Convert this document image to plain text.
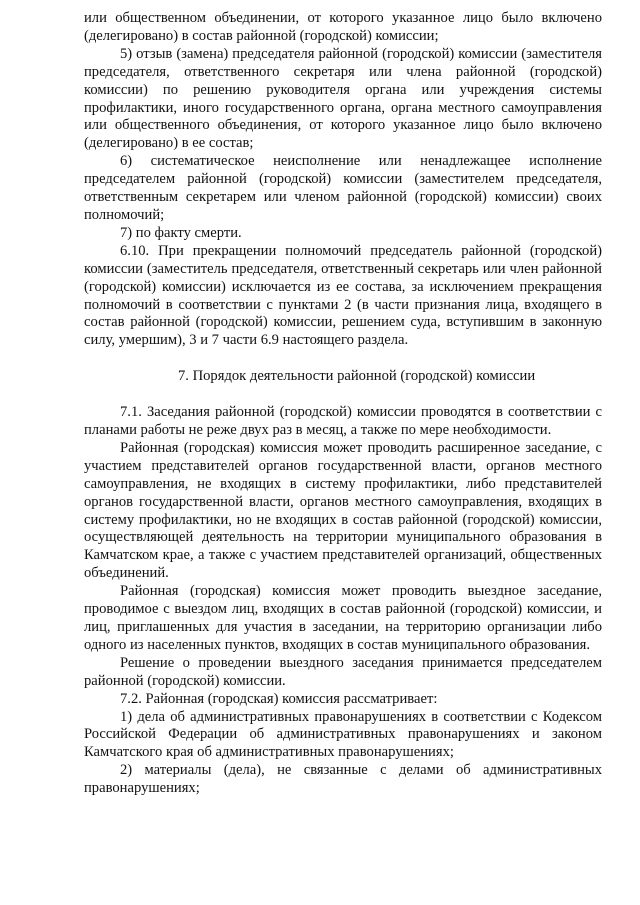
или общественном объединении, от которого указанное лицо было включено (делегировано) в состав районной (городской) комиссии;

5) отзыв (замена) председателя районной (городской) комиссии (заместителя председателя, ответственного секретаря или члена районной (городской) комиссии) по решению руководителя органа или учреждения системы профилактики, иного государственного органа, органа местного самоуправления или общественного объединения, от которого указанное лицо было включено (делегировано) в ее состав;

6) систематическое неисполнение или ненадлежащее исполнение председателем районной (городской) комиссии (заместителем председателя, ответственным секретарем или членом районной (городской) комиссии) своих полномочий;

7) по факту смерти.

6.10. При прекращении полномочий председатель районной (городской) комиссии (заместитель председателя, ответственный секретарь или член районной (городской) комиссии) исключается из ее состава, за исключением прекращения полномочий в соответствии с пунктами 2 (в части признания лица, входящего в состав районной (городской) комиссии, решением суда, вступившим в законную силу, умершим), 3 и 7 части 6.9 настоящего раздела.

7. Порядок деятельности районной (городской) комиссии

7.1. Заседания районной (городской) комиссии проводятся в соответствии с планами работы не реже двух раз в месяц, а также по мере необходимости.

Районная (городская) комиссия может проводить расширенное заседание, с участием представителей органов государственной власти, органов местного самоуправления, не входящих в систему профилактики, либо представителей органов государственной власти, органов местного самоуправления, входящих в систему профилактики, но не входящих в состав районной (городской) комиссии, осуществляющей деятельность на территории муниципального образования в Камчатском крае, а также с участием представителей организаций, общественных объединений.

Районная (городская) комиссия может проводить выездное заседание, проводимое с выездом лиц, входящих в состав районной (городской) комиссии, и лиц, приглашенных для участия в заседании, на территорию организации либо одного из населенных пунктов, входящих в состав муниципального образования.

Решение о проведении выездного заседания принимается председателем районной (городской) комиссии.

7.2. Районная (городская) комиссия рассматривает:

1) дела об административных правонарушениях в соответствии с Кодексом Российской Федерации об административных правонарушениях и законом Камчатского края об административных правонарушениях;

2) материалы (дела), не связанные с делами об административных правонарушениях;
